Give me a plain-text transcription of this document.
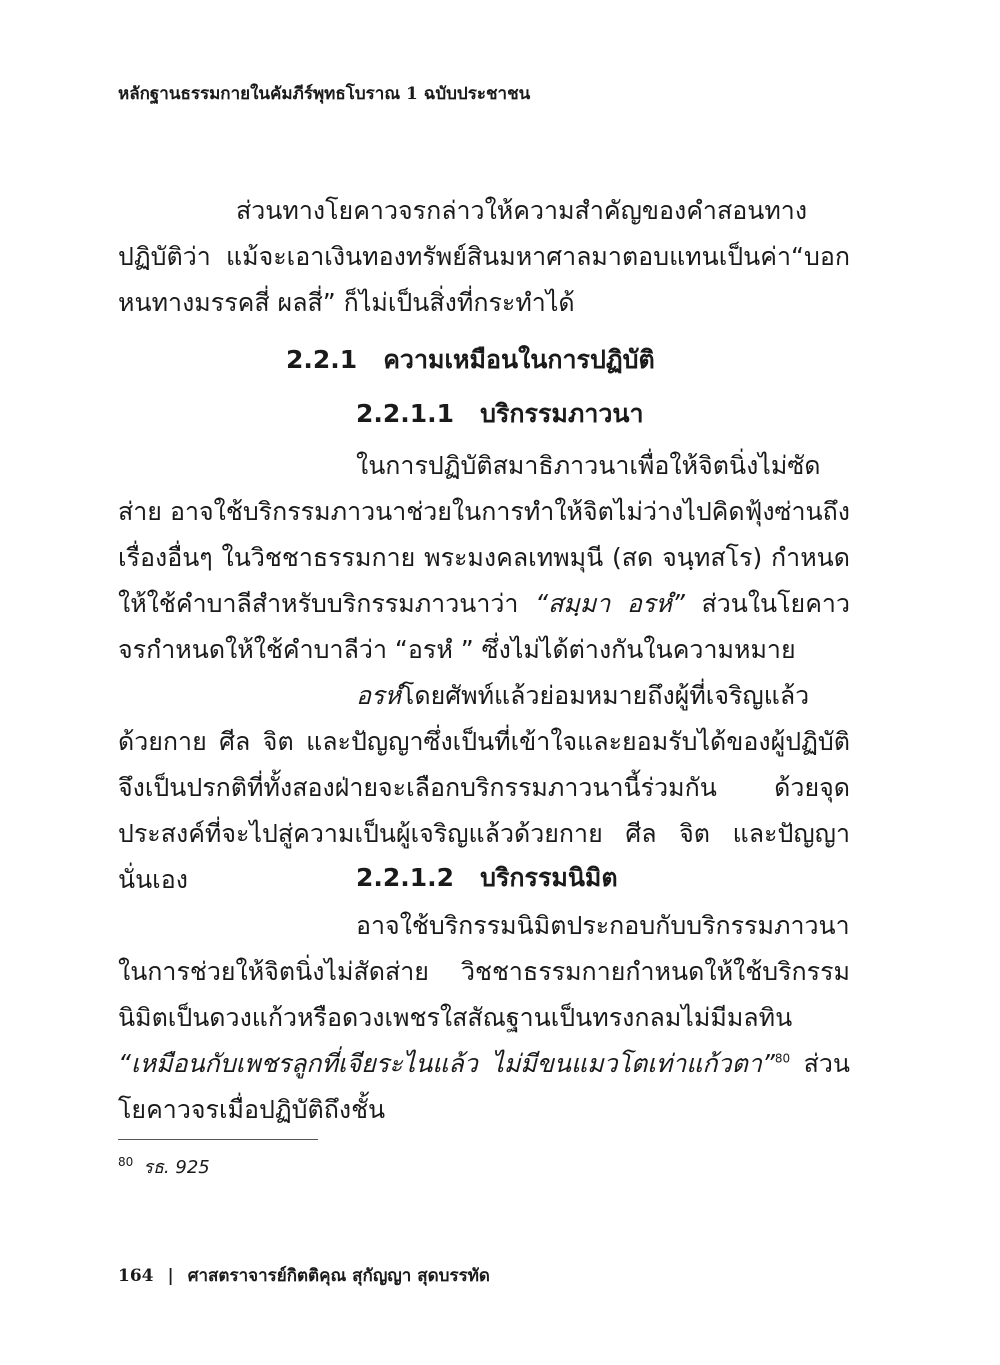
หลักฐานธรรมกายในคัมภีร์พุทธโบราณ 1 ฉบับประชาชน
ส่วนทางโยคาวจรกล่าวให้ความสำคัญของคำสอนทางปฏิบัติว่า แม้จะเอาเงินทองทรัพย์สินมหาศาลมาตอบแทนเป็นค่า“บอกหนทางมรรคสี่ ผลสี่” ก็ไม่เป็นสิ่งที่กระทำได้
2.2.1 ความเหมือนในการปฏิบัติ
2.2.1.1 บริกรรมภาวนา
ในการปฏิบัติสมาธิภาวนาเพื่อให้จิตนิ่งไม่ซัดส่าย อาจใช้บริกรรมภาวนาช่วยในการทำให้จิตไม่ว่างไปคิดฟุ้งซ่านถึงเรื่องอื่นๆ ในวิชชาธรรมกาย พระมงคลเทพมุนี (สด จนฺทสโร) กำหนดให้ใช้คำบาลีสำหรับบริกรรมภาวนาว่า “สมฺมา อรหํ” ส่วนในโยคาวจรกำหนดให้ใช้คำบาลีว่า “อรหํ ” ซึ่งไม่ได้ต่างกันในความหมาย
อรหํโดยศัพท์แล้วย่อมหมายถึงผู้ที่เจริญแล้วด้วยกาย ศีล จิต และปัญญาซึ่งเป็นที่เข้าใจและยอมรับได้ของผู้ปฏิบัติ จึงเป็นปรกติที่ทั้งสองฝ่ายจะเลือกบริกรรมภาวนานี้ร่วมกัน ด้วยจุดประสงค์ที่จะไปสู่ความเป็นผู้เจริญแล้วด้วยกาย ศีล จิต และปัญญานั่นเอง	2.2.1.2 บริกรรมนิมิต
อาจใช้บริกรรมนิมิตประกอบกับบริกรรมภาวนาในการช่วยให้จิตนิ่งไม่สัดส่าย วิชชาธรรมกายกำหนดให้ใช้บริกรรมนิมิตเป็นดวงแก้วหรือดวงเพชรใสสัณฐานเป็นทรงกลมไม่มีมลทิน “เหมือนกับเพชรลูกที่เจียระไนแล้ว ไม่มีขนแมวโตเท่าแก้วตา”$^{80}$ ส่วนโยคาวจรเมื่อปฏิบัติถึงชั้น
$^{80}$ รธ. 925
164 | ศาสตราจารย์กิตติคุณ สุกัญญา สุดบรรทัด
